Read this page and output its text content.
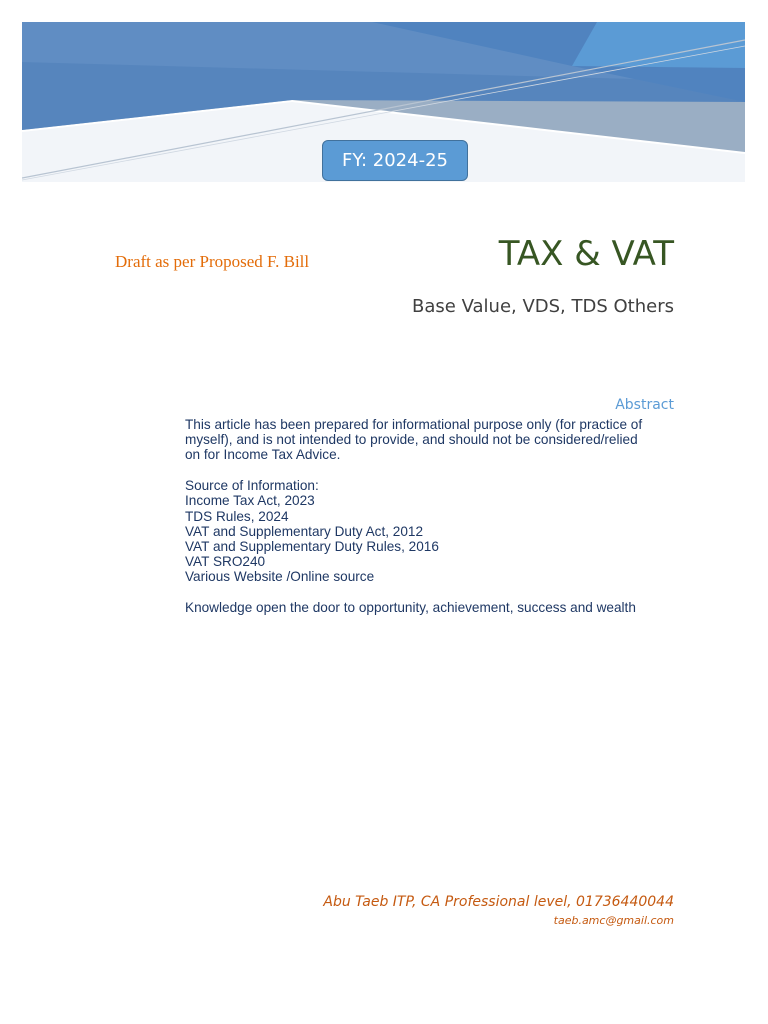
FY: 2024-25
Draft as per Proposed F. Bill	TAX & VAT
Base Value, VDS, TDS Others
Abstract

This article has been prepared for informational purpose only (for practice of

myself), and is not intended to provide, and should not be considered/relied

on for Income Tax Advice.

Source of Information:

Income Tax Act, 2023

TDS Rules, 2024

VAT and Supplementary Duty Act, 2012

VAT and Supplementary Duty Rules, 2016

VAT SRO240

Various Website /Online source

Knowledge open the door to opportunity, achievement, success and wealth

Abu Taeb ITP, CA Professional level, 01736440044
taeb.amc@gmail.com
